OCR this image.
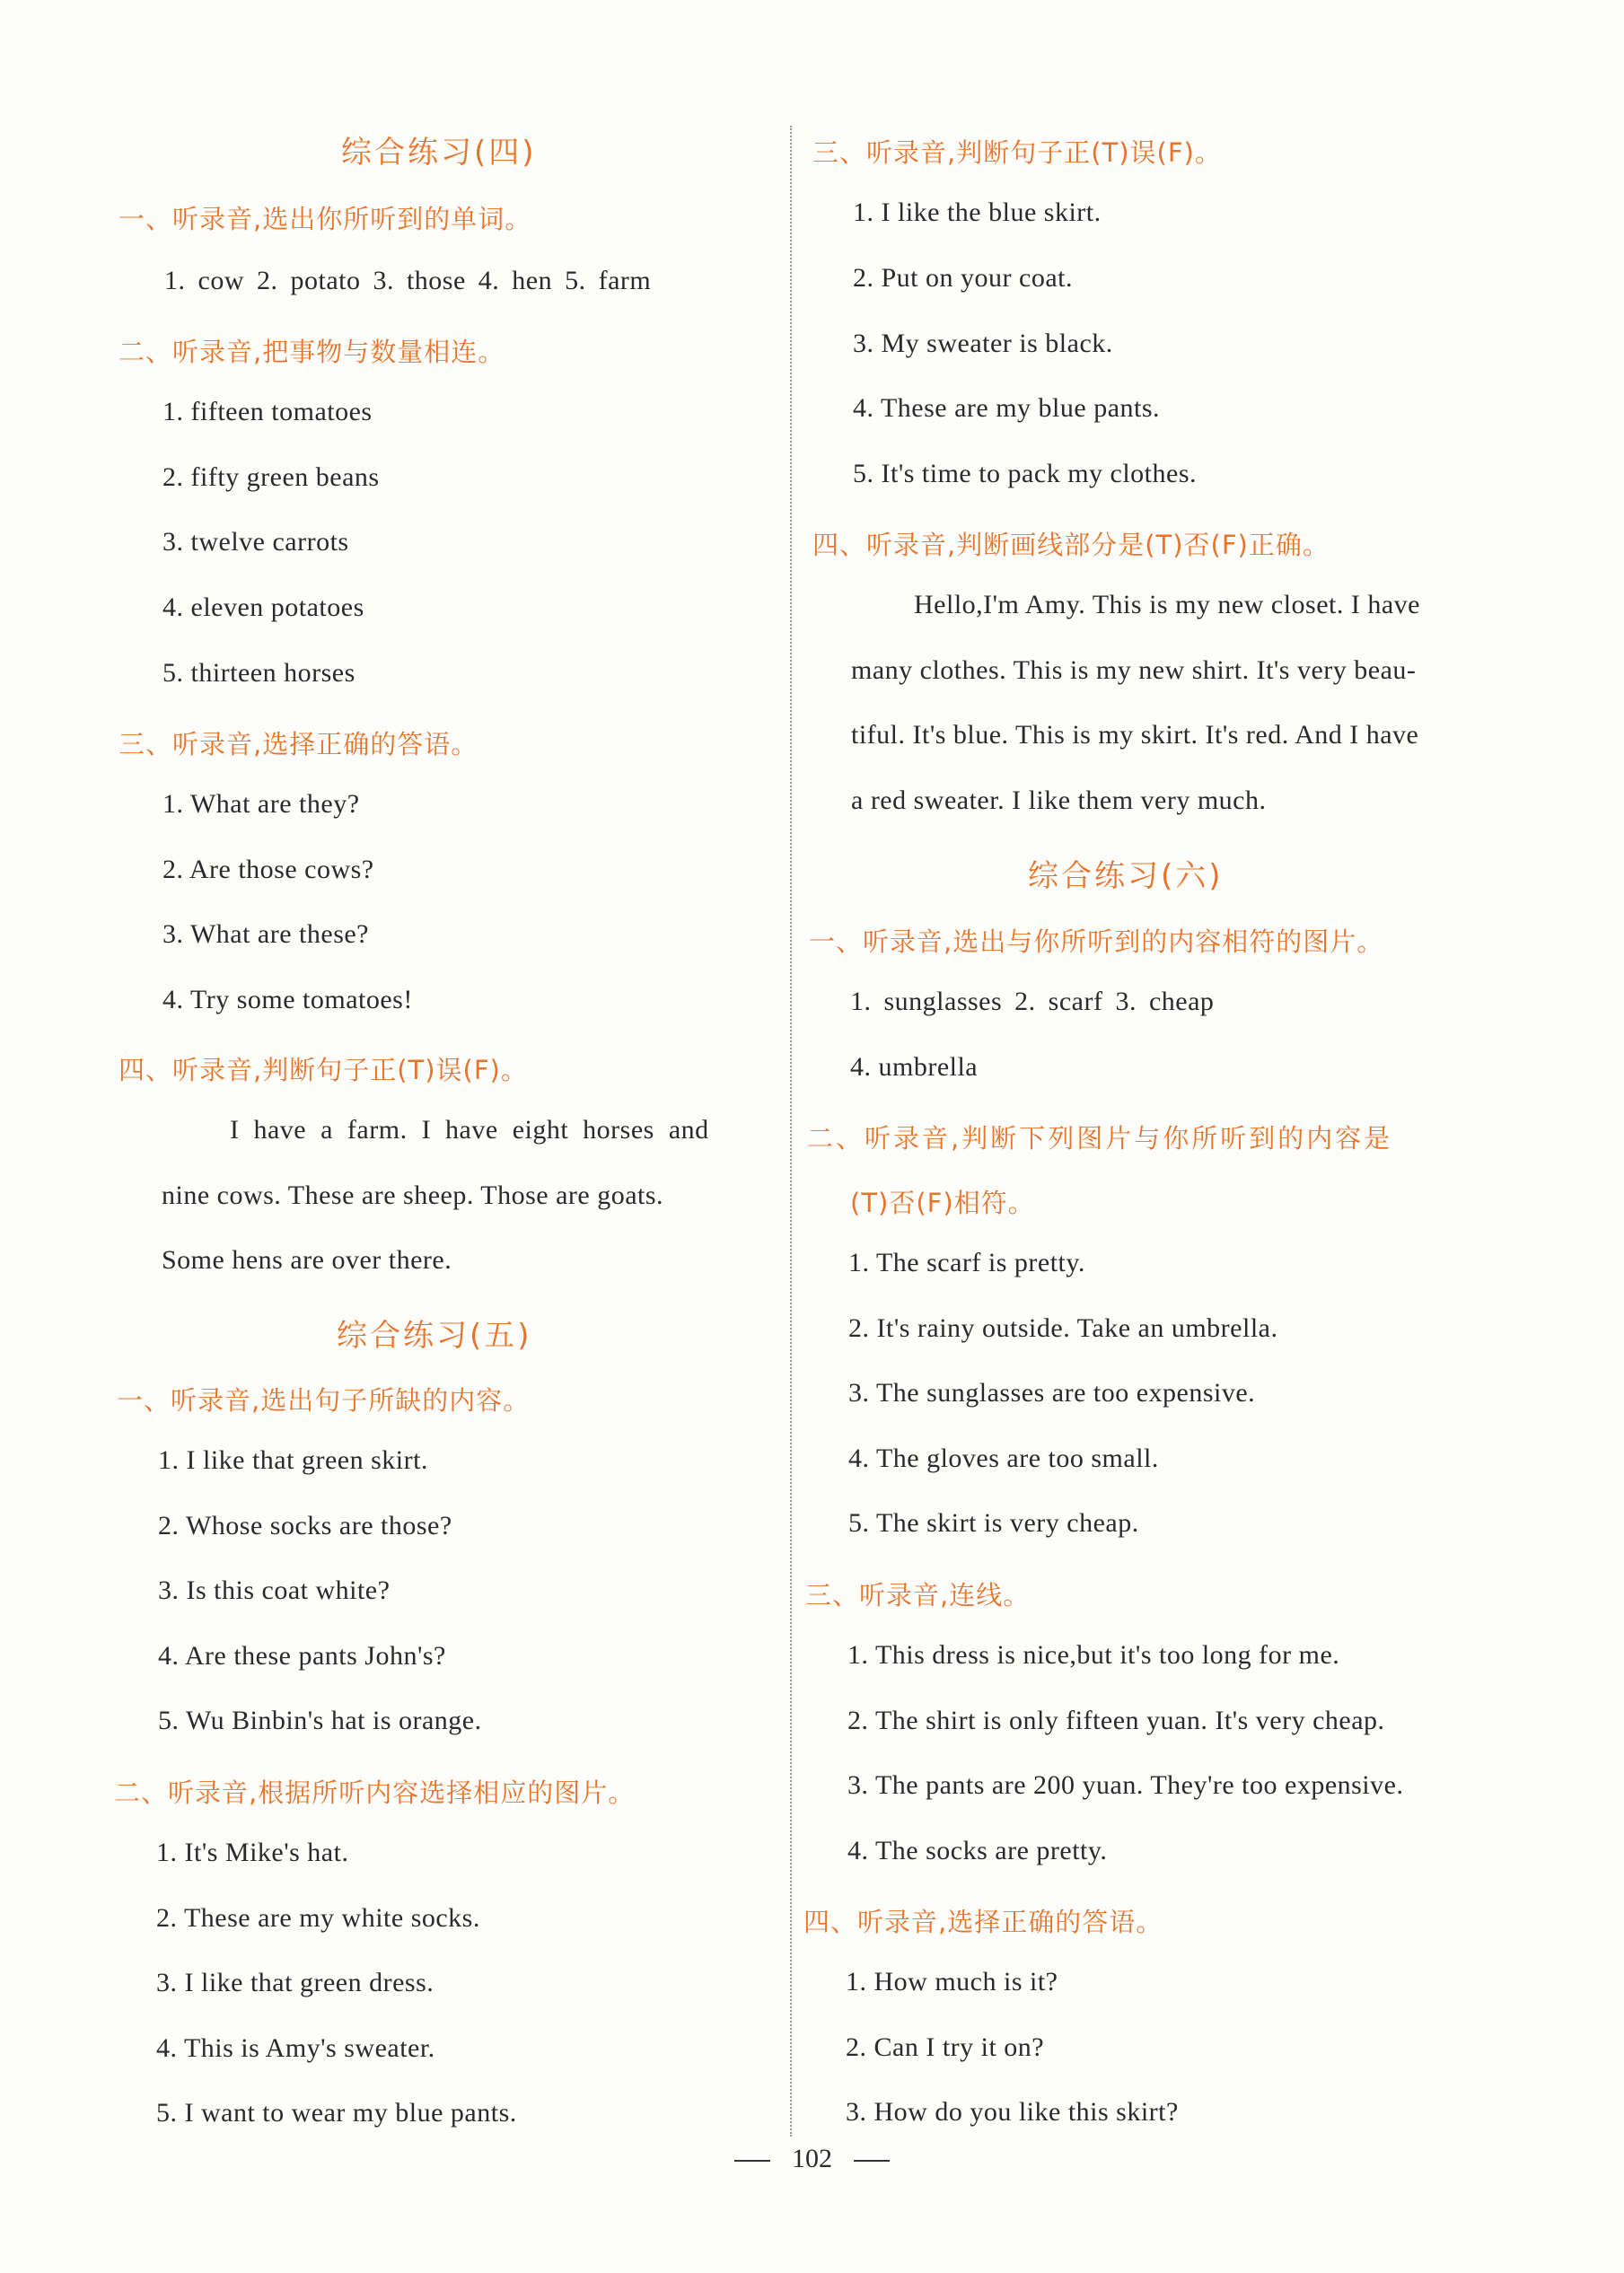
综合练习(四)
一、听录音,选出你所听到的单词。
1. cow 2. potato 3. those 4. hen 5. farm
二、听录音,把事物与数量相连。
1. fifteen tomatoes
2. fifty green beans
3. twelve carrots
4. eleven potatoes
5. thirteen horses
三、听录音,选择正确的答语。
1. What are they?
2. Are those cows?
3. What are these?
4. Try some tomatoes!
四、听录音,判断句子正(T)误(F)。
I have a farm. I have eight horses and
nine cows. These are sheep. Those are goats.
Some hens are over there.
综合练习(五)
一、听录音,选出句子所缺的内容。
1. I like that green skirt.
2. Whose socks are those?
3. Is this coat white?
4. Are these pants John's?
5. Wu Binbin's hat is orange.
二、听录音,根据所听内容选择相应的图片。
1. It's Mike's hat.
2. These are my white socks.
3. I like that green dress.
4. This is Amy's sweater.
5. I want to wear my blue pants.
三、听录音,判断句子正(T)误(F)。
1. I like the blue skirt.
2. Put on your coat.
3. My sweater is black.
4. These are my blue pants.
5. It's time to pack my clothes.
四、听录音,判断画线部分是(T)否(F)正确。
Hello,I'm Amy. This is my new closet. I have
many clothes. This is my new shirt. It's very beau-
tiful. It's blue. This is my skirt. It's red. And I have
a red sweater. I like them very much.
综合练习(六)
一、听录音,选出与你所听到的内容相符的图片。
1. sunglasses 2. scarf 3. cheap
4. umbrella
二、听录音,判断下列图片与你所听到的内容是
(T)否(F)相符。
1. The scarf is pretty.
2. It's rainy outside. Take an umbrella.
3. The sunglasses are too expensive.
4. The gloves are too small.
5. The skirt is very cheap.
三、听录音,连线。
1. This dress is nice,but it's too long for me.
2. The shirt is only fifteen yuan. It's very cheap.
3. The pants are 200 yuan. They're too expensive.
4. The socks are pretty.
四、听录音,选择正确的答语。
1. How much is it?
2. Can I try it on?
3. How do you like this skirt?
102
